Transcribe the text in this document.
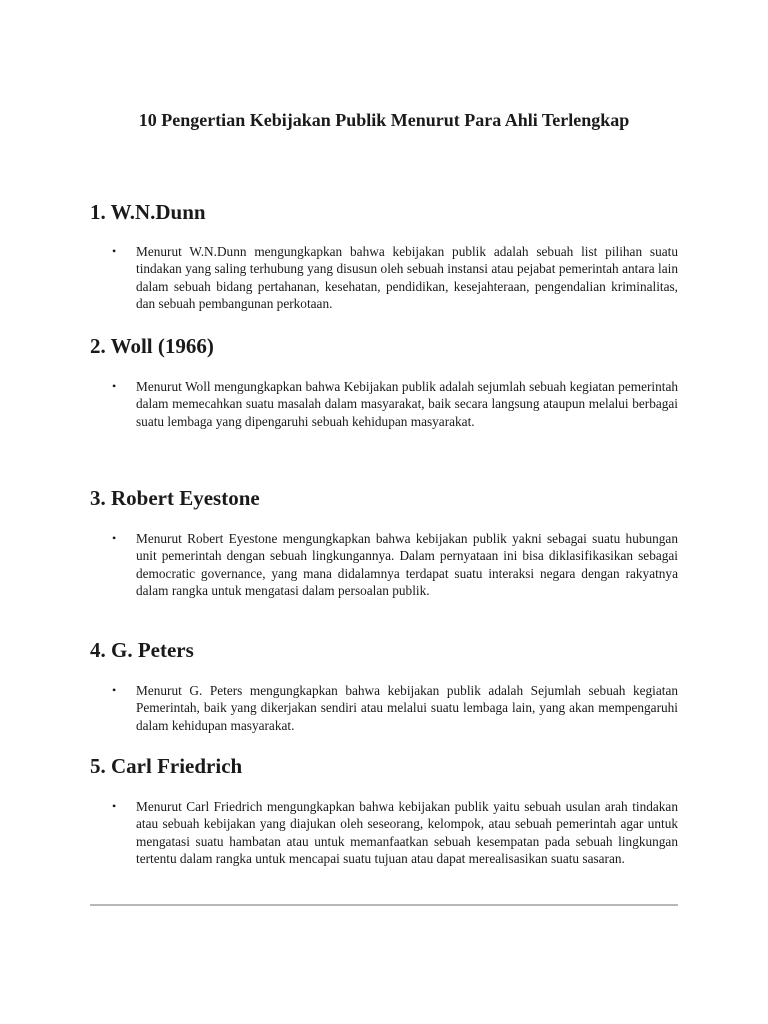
10 Pengertian Kebijakan Publik Menurut Para Ahli Terlengkap
1. W.N.Dunn
• Menurut W.N.Dunn mengungkapkan bahwa kebijakan publik adalah sebuah list pilihan suatu tindakan yang saling terhubung yang disusun oleh sebuah instansi atau pejabat pemerintah antara lain dalam sebuah bidang pertahanan, kesehatan, pendidikan, kesejahteraan, pengendalian kriminalitas, dan sebuah pembangunan perkotaan.
2. Woll (1966)
• Menurut Woll mengungkapkan bahwa Kebijakan publik adalah sejumlah sebuah kegiatan pemerintah dalam memecahkan suatu masalah dalam masyarakat, baik secara langsung ataupun melalui berbagai suatu lembaga yang dipengaruhi sebuah kehidupan masyarakat.
3. Robert Eyestone
• Menurut Robert Eyestone mengungkapkan bahwa kebijakan publik yakni sebagai suatu hubungan unit pemerintah dengan sebuah lingkungannya. Dalam pernyataan ini bisa diklasifikasikan sebagai democratic governance, yang mana didalamnya terdapat suatu interaksi negara dengan rakyatnya dalam rangka untuk mengatasi dalam persoalan publik.
4. G. Peters
• Menurut G. Peters mengungkapkan bahwa kebijakan publik adalah Sejumlah sebuah kegiatan Pemerintah, baik yang dikerjakan sendiri atau melalui suatu lembaga lain, yang akan mempengaruhi dalam kehidupan masyarakat.
5. Carl Friedrich
• Menurut Carl Friedrich mengungkapkan bahwa kebijakan publik yaitu sebuah usulan arah tindakan atau sebuah kebijakan yang diajukan oleh seseorang, kelompok, atau sebuah pemerintah agar untuk mengatasi suatu hambatan atau untuk memanfaatkan sebuah kesempatan pada sebuah lingkungan tertentu dalam rangka untuk mencapai suatu tujuan atau dapat merealisasikan suatu sasaran.
